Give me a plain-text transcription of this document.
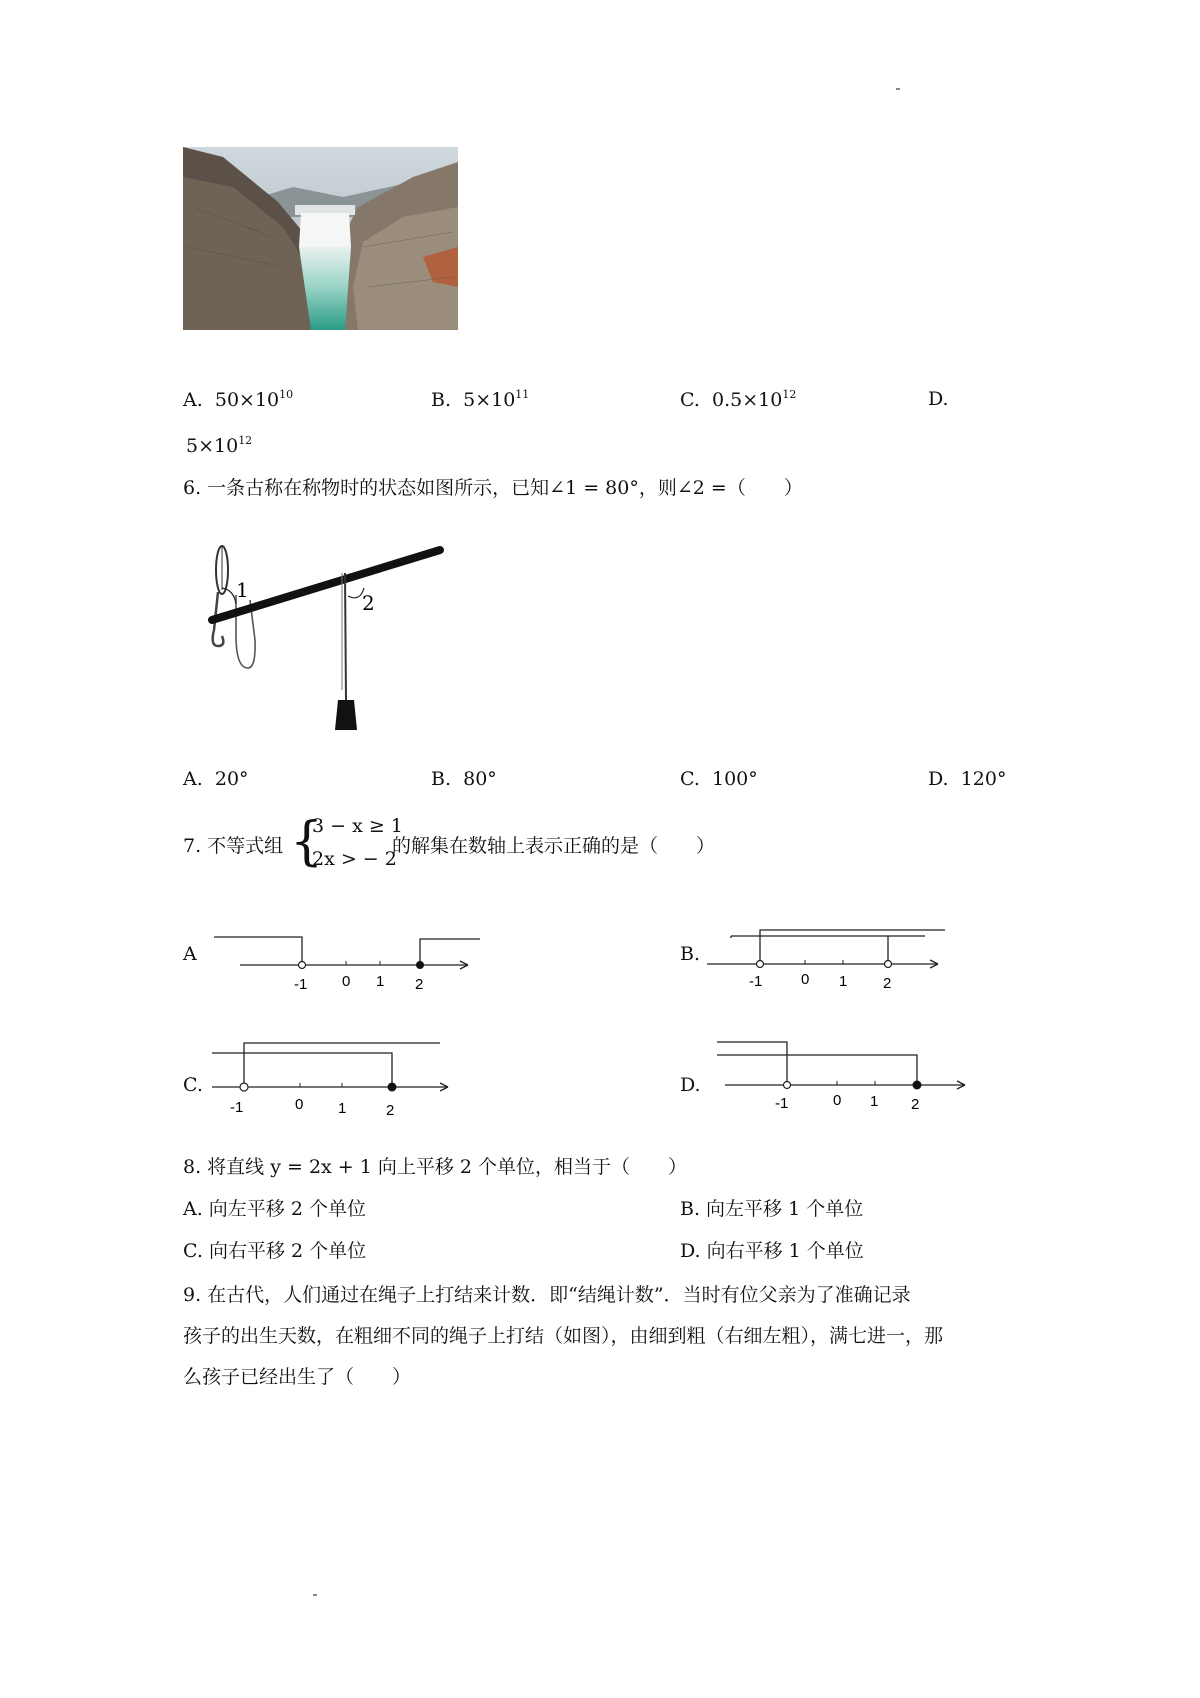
A. $50\times 10^{10}$	B. $5\times 10^{11}$	C. $0.5\times 10^{12}$	D.
$5\times 10^{12}$
6. 一条古称在称物时的状态如图所示，已知∠1 = 80°，则∠2 =（　　）
1
2
A. 20°	B. 80°	C. 100°	D. 120°
7. 不等式组 {
3 − x ≥ 1
2x > − 2
的解集在数轴上表示正确的是（　　）
A	B.
C.	D.
-1 0 1 2	-1	0 1 2
-1	0 1	2	-1	0 1 2
8. 将直线 y = 2x + 1 向上平移 2 个单位，相当于（　　）
A. 向左平移 2 个单位	B. 向左平移 1 个单位
C. 向右平移 2 个单位	D. 向右平移 1 个单位
9. 在古代，人们通过在绳子上打结来计数．即“结绳计数”．当时有位父亲为了准确记录
孩子的出生天数，在粗细不同的绳子上打结（如图），由细到粗（右细左粗），满七进一，那
么孩子已经出生了（　　）
